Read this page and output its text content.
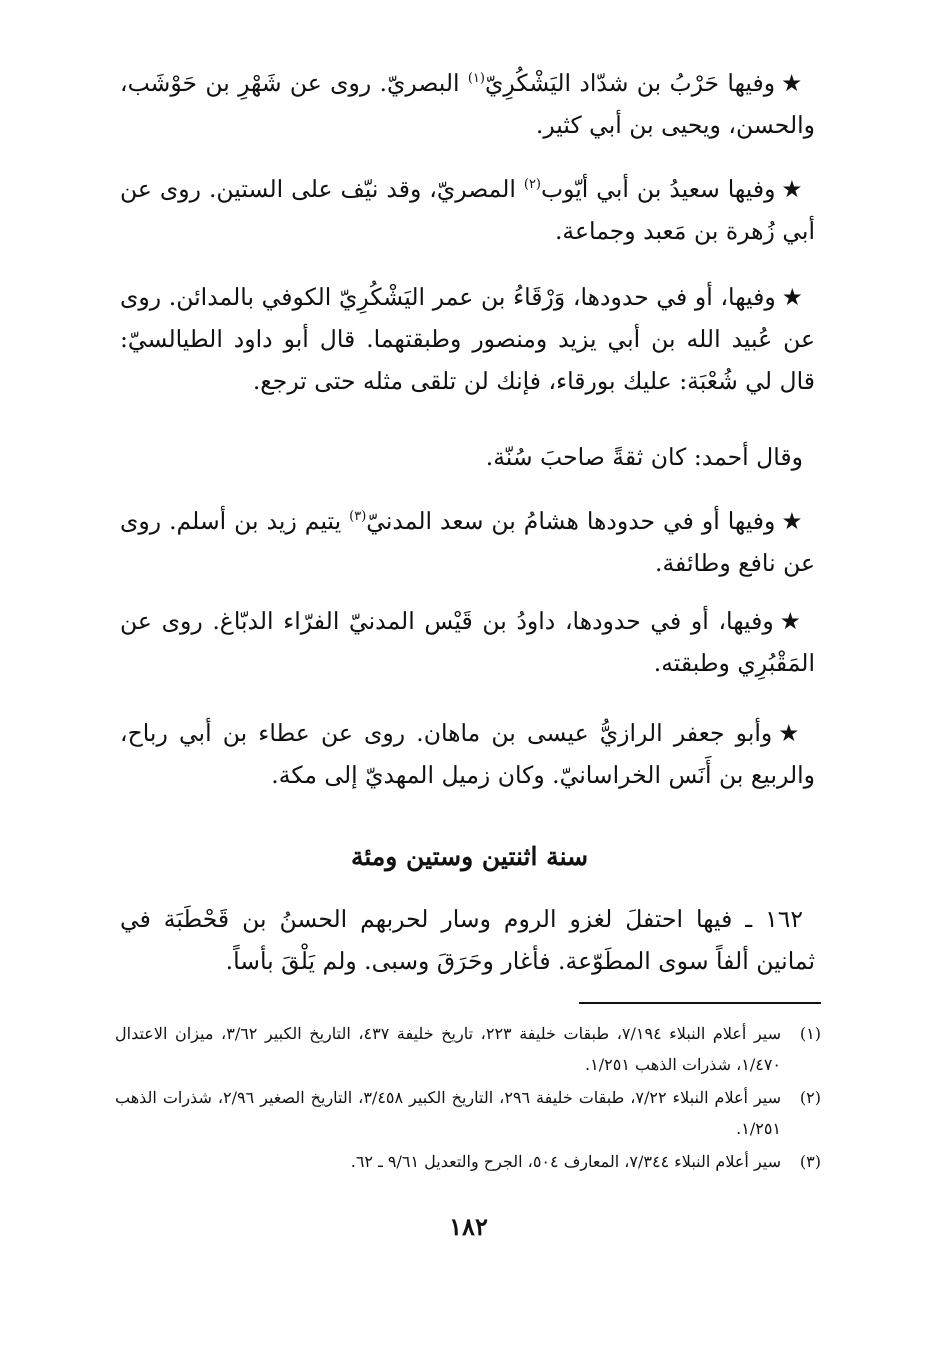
★وفيها حَرْبُ بن شدّاد اليَشْكُرِيّ$^{(١)}$ البصريّ. روى عن شَهْرِ بن حَوْشَب، والحسن، ويحيى بن أبي كثير.

★وفيها سعيدُ بن أبي أيّوب$^{(٢)}$ المصريّ، وقد نيّف على الستين. روى عن أبي زُهرة بن مَعبد وجماعة.

★وفيها، أو في حدودها، وَرْقَاءُ بن عمر اليَشْكُرِيّ الكوفي بالمدائن. روى عن عُبيد الله بن أبي يزيد ومنصور وطبقتهما. قال أبو داود الطيالسيّ: قال لي شُعْبَة: عليك بورقاء، فإنك لن تلقى مثله حتى ترجع.

وقال أحمد: كان ثقةً صاحبَ سُنّة.

★وفيها أو في حدودها هشامُ بن سعد المدنيّ$^{(٣)}$ يتيم زيد بن أسلم. روى عن نافع وطائفة.

★وفيها، أو في حدودها، داودُ بن قَيْس المدنيّ الفرّاء الدبّاغ. روى عن المَقْبُرِي وطبقته.

★وأبو جعفر الرازيُّ عيسى بن ماهان. روى عن عطاء بن أبي رباح، والربيع بن أَنَس الخراسانيّ. وكان زميل المهديّ إلى مكة.

سنة اثنتين وستين ومئة

١٦٢ ـ فيها احتفلَ لغزو الروم وسار لحربهم الحسنُ بن قَحْطَبَة في ثمانين ألفاً سوى المطَوّعة. فأغار وحَرَقَ وسبى. ولم يَلْقَ بأساً.

(١)
سير أعلام النبلاء ٧/١٩٤، طبقات خليفة ٢٢٣، تاريخ خليفة ٤٣٧، التاريخ الكبير ٣/٦٢، ميزان الاعتدال ١/٤٧٠، شذرات الذهب ١/٢٥١.
(٢)
سير أعلام النبلاء ٧/٢٢، طبقات خليفة ٢٩٦، التاريخ الكبير ٣/٤٥٨، التاريخ الصغير ٢/٩٦، شذرات الذهب ١/٢٥١.
(٣)
سير أعلام النبلاء ٧/٣٤٤، المعارف ٥٠٤، الجرح والتعديل ٩/٦١ ـ ٦٢.
١٨٢
